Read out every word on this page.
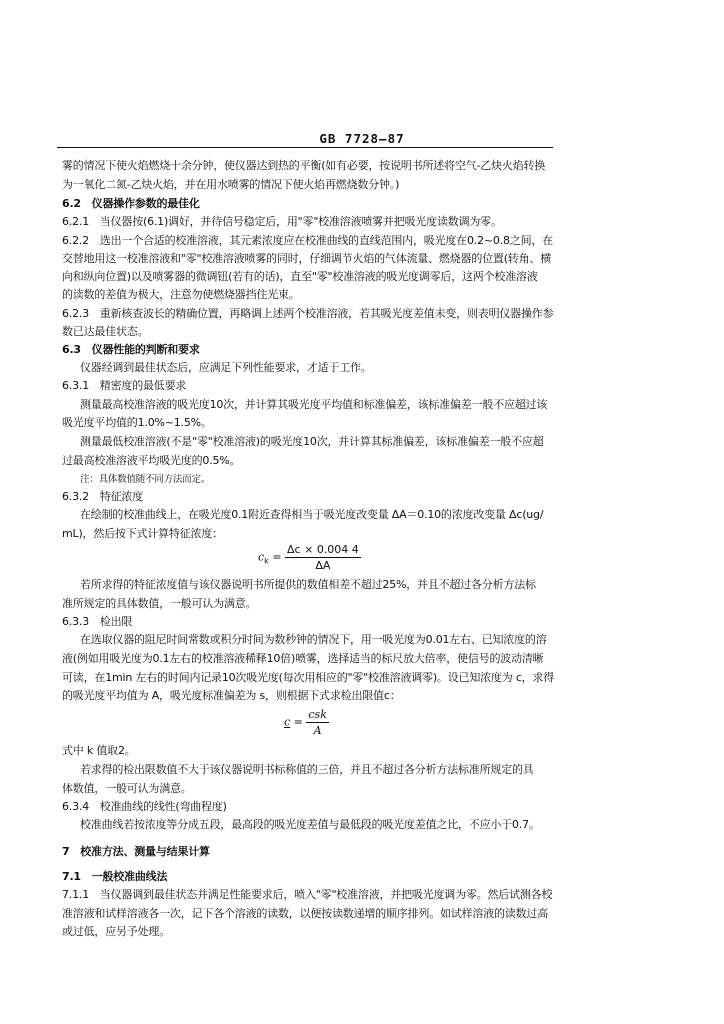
GB 7728—87
雾的情况下使火焰燃烧十余分钟，使仪器达到热的平衡(如有必要，按说明书所述将空气-乙炔火焰转换
为一氧化二氮-乙炔火焰，并在用水喷雾的情况下使火焰再燃烧数分钟。)
6.2　仪器操作参数的最佳化
6.2.1　当仪器按(6.1)调好，并待信号稳定后，用"零"校准溶液喷雾并把吸光度读数调为零。
6.2.2　选出一个合适的校准溶液，其元素浓度应在校准曲线的直线范围内，吸光度在0.2~0.8之间，在
交替地用这一校准溶液和"零"校准溶液喷雾的同时，仔细调节火焰的气体流量、燃烧器的位置(转角、横
向和纵向位置)以及喷雾器的微调钮(若有的话)，直至"零"校准溶液的吸光度调零后，这两个校准溶液
的读数的差值为极大，注意勿使燃烧器挡住光束。
6.2.3　重新核查波长的精确位置，再略调上述两个校准溶液，若其吸光度差值未变，则表明仪器操作参
数已达最佳状态。
6.3　仪器性能的判断和要求
仪器经调到最佳状态后，应满足下列性能要求，才适于工作。
6.3.1　精密度的最低要求
测量最高校准溶液的吸光度10次，并计算其吸光度平均值和标准偏差，该标准偏差一般不应超过该
吸光度平均值的1.0%~1.5%。
测量最低校准溶液(不是"零"校准溶液)的吸光度10次，并计算其标准偏差，该标准偏差一般不应超
过最高校准溶液平均吸光度的0.5%。
注：具体数值随不同方法而定。
6.3.2　特征浓度
在绘制的校准曲线上，在吸光度0.1附近查得相当于吸光度改变量 ΔA＝0.10的浓度改变量 Δc(ug/
mL)，然后按下式计算特征浓度：
$c_k = \frac{\Delta c \times 0.004 4}{\Delta A}$
若所求得的特征浓度值与该仪器说明书所提供的数值相差不超过25%，并且不超过各分析方法标
准所规定的具体数值，一般可认为满意。
6.3.3　检出限
在选取仪器的阻尼时间常数或积分时间为数秒钟的情况下，用一吸光度为0.01左右、已知浓度的溶
液(例如用吸光度为0.1左右的校准溶液稀释10倍)喷雾，选择适当的标尺放大倍率，使信号的波动清晰
可读，在1min 左右的时间内记录10次吸光度(每次用相应的"零"校准溶液调零)。设已知浓度为 c，求得
的吸光度平均值为 A，吸光度标准偏差为 s，则根据下式求检出限值c：
$c = \frac{\text{csk}}{A}$
式中 k 值取2。
若求得的检出限数值不大于该仪器说明书标称值的三倍，并且不超过各分析方法标准所规定的具
体数值，一般可认为满意。
6.3.4　校准曲线的线性(弯曲程度)
校准曲线若按浓度等分成五段，最高段的吸光度差值与最低段的吸光度差值之比，不应小于0.7。
7　校准方法、测量与结果计算
7.1　一般校准曲线法
7.1.1　当仪器调到最佳状态并满足性能要求后，喷入"零"校准溶液，并把吸光度调为零。然后试测各校
准溶液和试样溶液各一次，记下各个溶液的读数，以便按读数递增的顺序排列。如试样溶液的读数过高
或过低，应另予处理。
